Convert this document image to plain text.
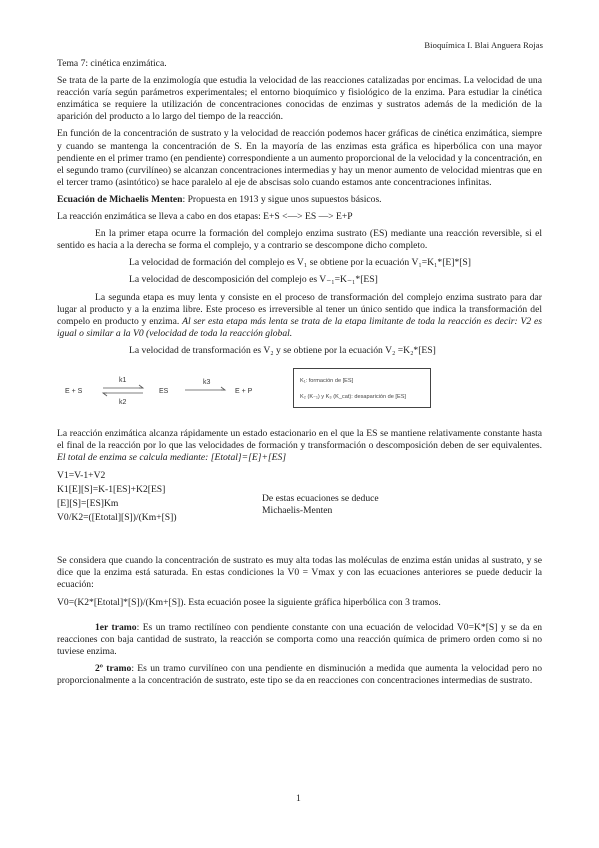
Bioquímica I. Blai Anguera Rojas

Tema 7: cinética enzimática.

Se trata de la parte de la enzimología que estudia la velocidad de las reacciones catalizadas por encimas. La velocidad de una reacción varía según parámetros experimentales; el entorno bioquímico y fisiológico de la enzima. Para estudiar la cinética enzimática se requiere la utilización de concentraciones conocidas de enzimas y sustratos además de la medición de la aparición del producto a lo largo del tiempo de la reacción.

En función de la concentración de sustrato y la velocidad de reacción podemos hacer gráficas de cinética enzimática, siempre y cuando se mantenga la concentración de S. En la mayoría de las enzimas esta gráfica es hiperbólica con una mayor pendiente en el primer tramo (en pendiente) correspondiente a un aumento proporcional de la velocidad y la concentración, en el segundo tramo (curvilíneo) se alcanzan concentraciones intermedias y hay un menor aumento de velocidad mientras que en el tercer tramo (asintótico) se hace paralelo al eje de abscisas solo cuando estamos ante concentraciones infinitas.

Ecuación de Michaelis Menten: Propuesta en 1913 y sigue unos supuestos básicos.

La reacción enzimática se lleva a cabo en dos etapas: E+S <—> ES —> E+P

En la primer etapa ocurre la formación del complejo enzima sustrato (ES) mediante una reacción reversible, si el sentido es hacia a la derecha se forma el complejo, y a contrario se descompone dicho completo.

La velocidad de formación del complejo es V₁ se obtiene por la ecuación V₁=K₁*[E]*[S]

La velocidad de descomposición del complejo es V₋₁=K₋₁*[ES]

La segunda etapa es muy lenta y consiste en el proceso de transformación del complejo enzima sustrato para dar lugar al producto y a la enzima libre. Este proceso es irreversible al tener un único sentido que indica la transformación del compelo en producto y enzima. Al ser esta etapa más lenta se trata de la etapa limitante de toda la reacción es decir: V2 es igual o similar a la V0 (velocidad de toda la reacción global.

La velocidad de transformación es V₂ y se obtiene por la ecuación V₂ =K₂*[ES]

E + S
k1
k2
ES
k3
E + P
K₁: formación de [ES]
K₂ (K₋₁) y K₃ (K_cat): desaparición de [ES]

La reacción enzimática alcanza rápidamente un estado estacionario en el que la ES se mantiene relativamente constante hasta el final de la reacción por lo que las velocidades de formación y transformación o descomposición deben de ser equivalentes. El total de enzima se calcula mediante: [Etotal]=[E]+[ES]

V1=V-1+V2
K1[E][S]=K-1[ES]+K2[ES]
[E][S]=[ES]Km
V0/K2=([Etotal][S])/(Km+[S])
De estas ecuaciones se deduce
Michaelis-Menten

Se considera que cuando la concentración de sustrato es muy alta todas las moléculas de enzima están unidas al sustrato, y se dice que la enzima está saturada. En estas condiciones la V0 = Vmax y con las ecuaciones anteriores se puede deducir la ecuación:

V0=(K2*[Etotal]*[S])/(Km+[S]). Esta ecuación posee la siguiente gráfica hiperbólica con 3 tramos.

1er tramo: Es un tramo rectilíneo con pendiente constante con una ecuación de velocidad V0=K*[S] y se da en reacciones con baja cantidad de sustrato, la reacción se comporta como una reacción química de primero orden como si no tuviese enzima.

2º tramo: Es un tramo curvilíneo con una pendiente en disminución a medida que aumenta la velocidad pero no proporcionalmente a la concentración de sustrato, este tipo se da en reacciones con concentraciones intermedias de sustrato.

1
